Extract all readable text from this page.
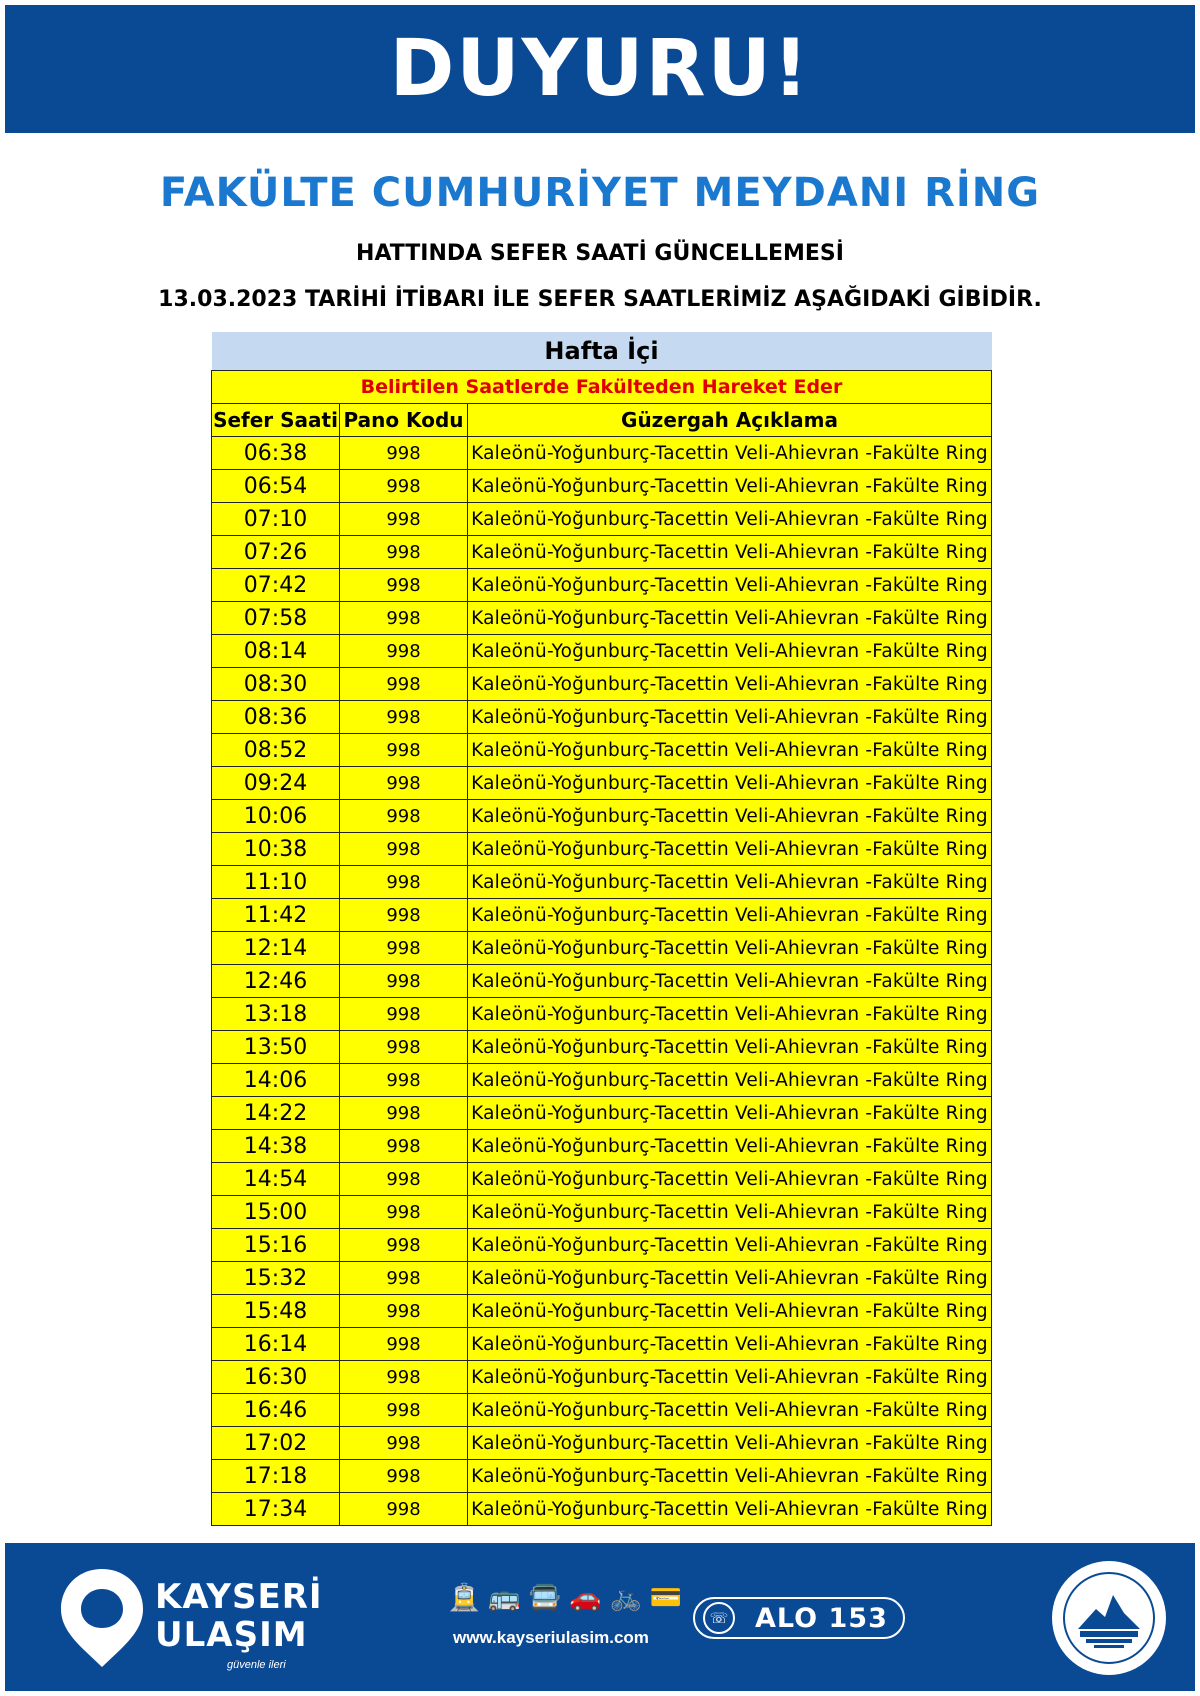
DUYURU!
FAKÜLTE CUMHURİYET MEYDANI RİNG
HATTINDA SEFER SAATİ GÜNCELLEMESİ
13.03.2023 TARİHİ İTİBARI İLE SEFER SAATLERİMİZ AŞAĞIDAKİ GİBİDİR.
Hafta İçi		
Belirtilen Saatlerde Fakülteden Hareket Eder		
Sefer Saati	Pano Kodu	Güzergah Açıklama
06:38	998	Kaleönü-Yoğunburç-Tacettin Veli-Ahievran -Fakülte Ring
06:54	998	Kaleönü-Yoğunburç-Tacettin Veli-Ahievran -Fakülte Ring
07:10	998	Kaleönü-Yoğunburç-Tacettin Veli-Ahievran -Fakülte Ring
07:26	998	Kaleönü-Yoğunburç-Tacettin Veli-Ahievran -Fakülte Ring
07:42	998	Kaleönü-Yoğunburç-Tacettin Veli-Ahievran -Fakülte Ring
07:58	998	Kaleönü-Yoğunburç-Tacettin Veli-Ahievran -Fakülte Ring
08:14	998	Kaleönü-Yoğunburç-Tacettin Veli-Ahievran -Fakülte Ring
08:30	998	Kaleönü-Yoğunburç-Tacettin Veli-Ahievran -Fakülte Ring
08:36	998	Kaleönü-Yoğunburç-Tacettin Veli-Ahievran -Fakülte Ring
08:52	998	Kaleönü-Yoğunburç-Tacettin Veli-Ahievran -Fakülte Ring
09:24	998	Kaleönü-Yoğunburç-Tacettin Veli-Ahievran -Fakülte Ring
10:06	998	Kaleönü-Yoğunburç-Tacettin Veli-Ahievran -Fakülte Ring
10:38	998	Kaleönü-Yoğunburç-Tacettin Veli-Ahievran -Fakülte Ring
11:10	998	Kaleönü-Yoğunburç-Tacettin Veli-Ahievran -Fakülte Ring
11:42	998	Kaleönü-Yoğunburç-Tacettin Veli-Ahievran -Fakülte Ring
12:14	998	Kaleönü-Yoğunburç-Tacettin Veli-Ahievran -Fakülte Ring
12:46	998	Kaleönü-Yoğunburç-Tacettin Veli-Ahievran -Fakülte Ring
13:18	998	Kaleönü-Yoğunburç-Tacettin Veli-Ahievran -Fakülte Ring
13:50	998	Kaleönü-Yoğunburç-Tacettin Veli-Ahievran -Fakülte Ring
14:06	998	Kaleönü-Yoğunburç-Tacettin Veli-Ahievran -Fakülte Ring
14:22	998	Kaleönü-Yoğunburç-Tacettin Veli-Ahievran -Fakülte Ring
14:38	998	Kaleönü-Yoğunburç-Tacettin Veli-Ahievran -Fakülte Ring
14:54	998	Kaleönü-Yoğunburç-Tacettin Veli-Ahievran -Fakülte Ring
15:00	998	Kaleönü-Yoğunburç-Tacettin Veli-Ahievran -Fakülte Ring
15:16	998	Kaleönü-Yoğunburç-Tacettin Veli-Ahievran -Fakülte Ring
15:32	998	Kaleönü-Yoğunburç-Tacettin Veli-Ahievran -Fakülte Ring
15:48	998	Kaleönü-Yoğunburç-Tacettin Veli-Ahievran -Fakülte Ring
16:14	998	Kaleönü-Yoğunburç-Tacettin Veli-Ahievran -Fakülte Ring
16:30	998	Kaleönü-Yoğunburç-Tacettin Veli-Ahievran -Fakülte Ring
16:46	998	Kaleönü-Yoğunburç-Tacettin Veli-Ahievran -Fakülte Ring
17:02	998	Kaleönü-Yoğunburç-Tacettin Veli-Ahievran -Fakülte Ring
17:18	998	Kaleönü-Yoğunburç-Tacettin Veli-Ahievran -Fakülte Ring
17:34	998	Kaleönü-Yoğunburç-Tacettin Veli-Ahievran -Fakülte Ring
KAYSERİ
ULAŞIM
güvenle ileri
🚊 🚌 🚍 🚗 🚲 💳
www.kayseriulasim.com
☏ ALO 153
